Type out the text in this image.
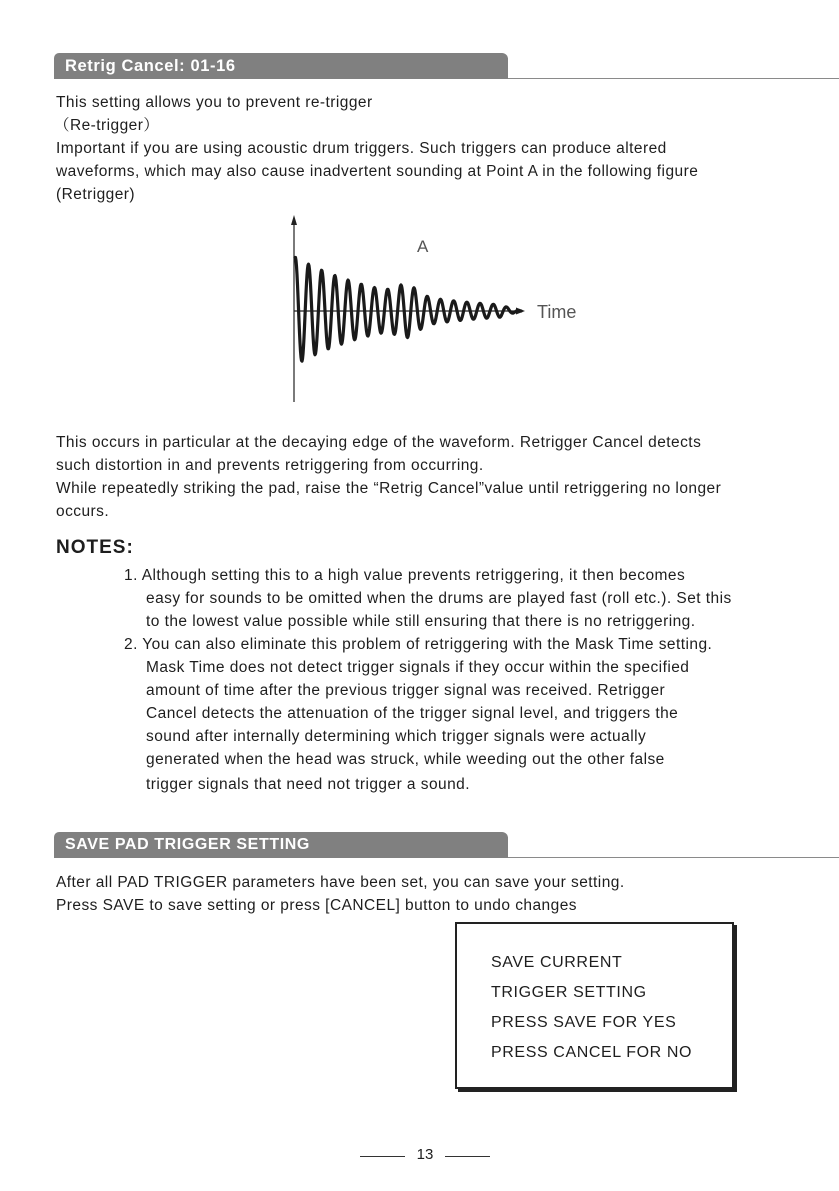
Retrig Cancel: 01-16
This setting allows you to prevent re-trigger
（Re-trigger）
Important if you are using acoustic drum triggers. Such triggers can produce altered
waveforms, which may also cause inadvertent sounding at Point A in the following figure
(Retrigger)
A
Time
This occurs in particular at the decaying edge of the waveform. Retrigger Cancel detects
such distortion in and prevents retriggering from occurring.
While repeatedly striking the pad, raise the “Retrig Cancel”value until retriggering no longer
occurs.
NOTES:
1. Although setting this to a high value prevents retriggering, it then becomes
easy for sounds to be omitted when the drums are played fast (roll etc.). Set this
to the lowest value possible while still ensuring that there is no retriggering.
2. You can also eliminate this problem of retriggering with the Mask Time setting.
Mask Time does not detect trigger signals if they occur within the specified
amount of time after the previous trigger signal was received. Retrigger
Cancel detects the attenuation of the trigger signal level, and triggers the
sound after internally determining which trigger signals were actually
generated when the head was struck, while weeding out the other false
trigger signals that need not trigger a sound.
SAVE PAD TRIGGER SETTING
After all PAD TRIGGER parameters have been set, you can save your setting.
Press SAVE to save setting or press [CANCEL] button to undo changes
SAVE CURRENT
TRIGGER SETTING
PRESS SAVE FOR YES
PRESS CANCEL FOR NO
13
